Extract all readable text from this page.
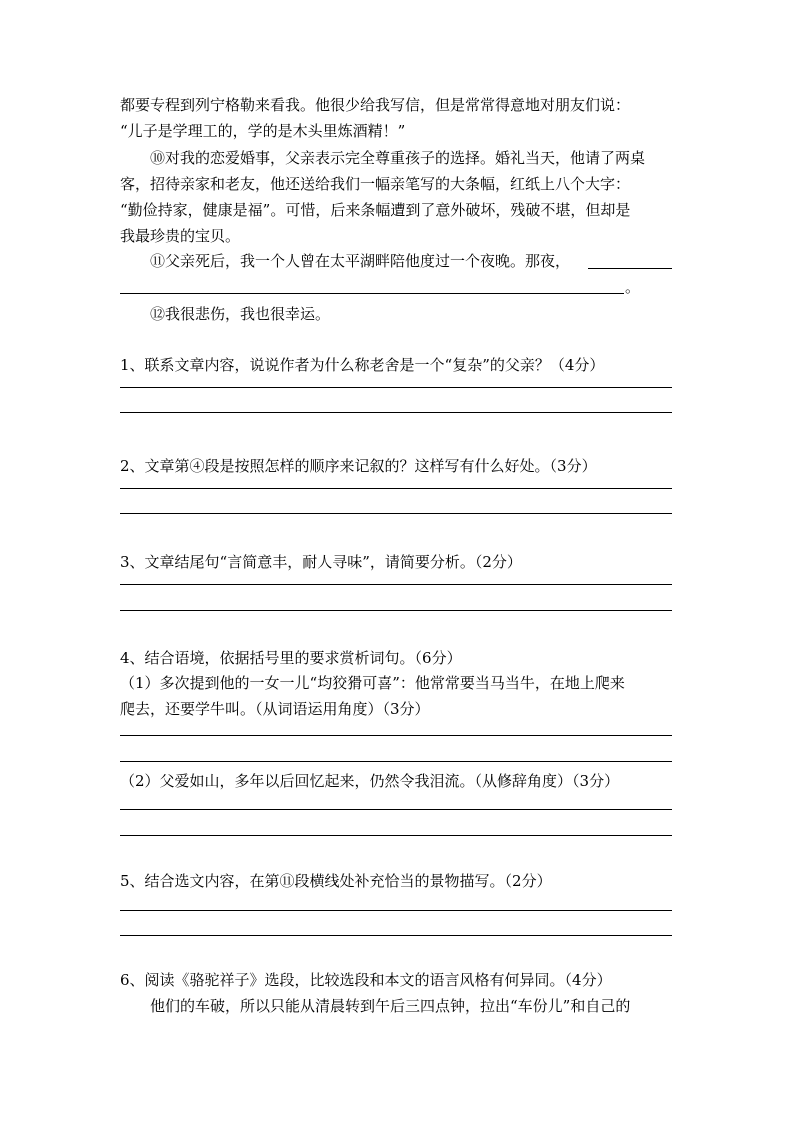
都要专程到列宁格勒来看我。他很少给我写信，但是常常得意地对朋友们说：
“儿子是学理工的，学的是木头里炼酒精！”
⑩对我的恋爱婚事，父亲表示完全尊重孩子的选择。婚礼当天，他请了两桌
客，招待亲家和老友，他还送给我们一幅亲笔写的大条幅，红纸上八个大字：
“勤俭持家，健康是福”。可惜，后来条幅遭到了意外破坏，残破不堪，但却是
我最珍贵的宝贝。
⑪父亲死后，我一个人曾在太平湖畔陪他度过一个夜晚。那夜，
。
⑫我很悲伤，我也很幸运。
1、联系文章内容，说说作者为什么称老舍是一个“复杂”的父亲？（4分）
2、文章第④段是按照怎样的顺序来记叙的？这样写有什么好处。（3分）
3、文章结尾句“言简意丰，耐人寻味”，请简要分析。（2分）
4、结合语境，依据括号里的要求赏析词句。（6分）
（1）多次提到他的一女一儿“均狡猾可喜”：他常常要当马当牛，在地上爬来
爬去，还要学牛叫。（从词语运用角度）（3分）
（2）父爱如山，多年以后回忆起来，仍然令我泪流。（从修辞角度）（3分）
5、结合选文内容，在第⑪段横线处补充恰当的景物描写。（2分）
6、阅读《骆驼祥子》选段，比较选段和本文的语言风格有何异同。（4分）
他们的车破，所以只能从清晨转到午后三四点钟，拉出“车份儿”和自己的
